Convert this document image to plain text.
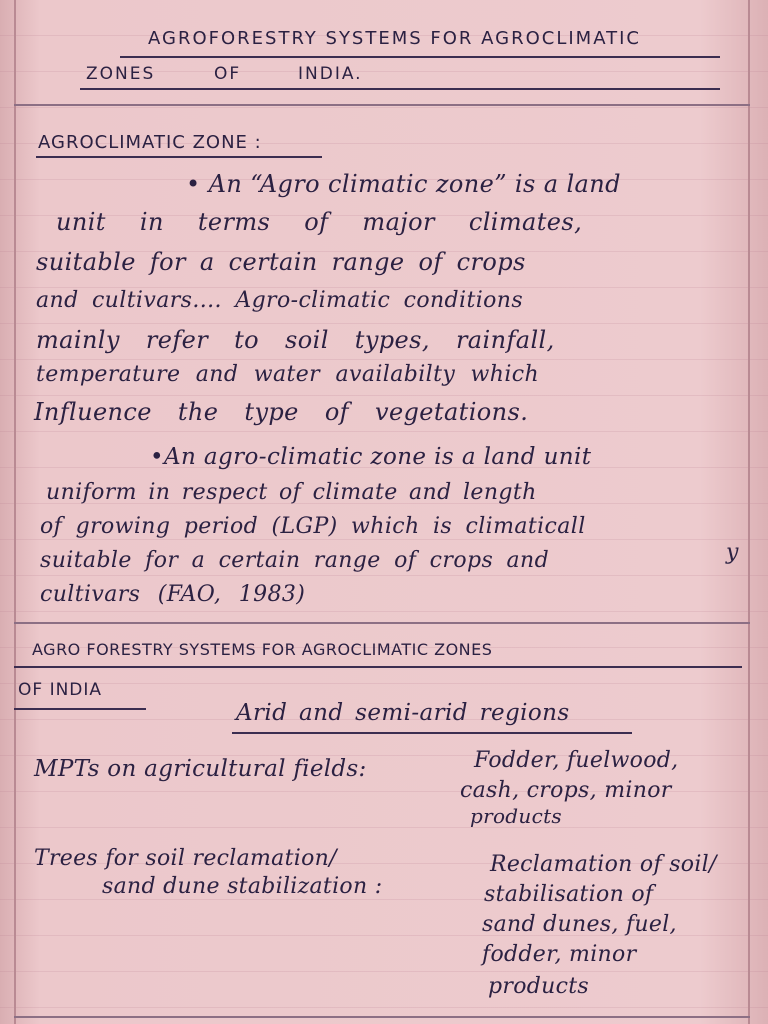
AGROFORESTRY SYSTEMS FOR AGROCLIMATIC
ZONES	OF	INDIA.
AGROCLIMATIC ZONE :
• An “Agro climatic zone” is a land
unit in terms of major climates,
suitable for a certain range of crops
and cultivars.... Agro-climatic conditions
mainly refer to soil types, rainfall,
temperature and water availabilty which
Influence the type of vegetations.
•An agro-climatic zone is a land unit
uniform in respect of climate and length
of growing period (LGP) which is climaticall
suitable for a certain range of crops and	y
cultivars (FAO, 1983)
AGRO FORESTRY SYSTEMS FOR AGROCLIMATIC ZONES
OF INDIA
Arid and semi-arid regions
MPTs on agricultural fields:	Fodder, fuelwood,
cash, crops, minor
products
Trees for soil reclamation/
sand dune stabilization :
Reclamation of soil/
stabilisation of
sand dunes, fuel,
fodder, minor
products
